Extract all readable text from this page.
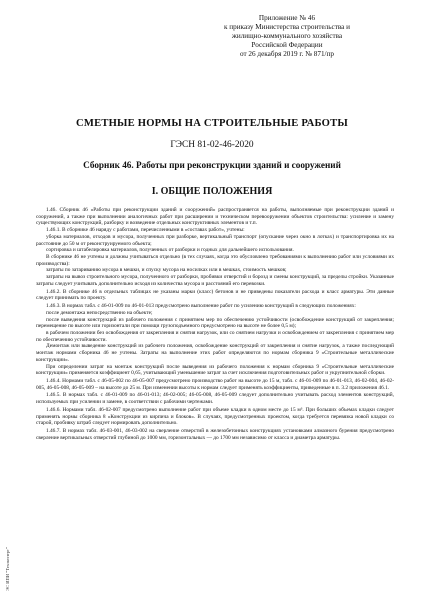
Приложение № 46
к приказу Министерства строительства и
жилищно-коммунального хозяйства
Российской Федерации
от 26 декабря 2019 г. № 871/пр
СМЕТНЫЕ НОРМЫ НА СТРОИТЕЛЬНЫЕ РАБОТЫ
ГЭСН 81-02-46-2020
Сборник 46. Работы при реконструкции зданий и сооружений
I. ОБЩИЕ ПОЛОЖЕНИЯ

1.46. Сборник 46 «Работы при реконструкции зданий и сооружений» распространяется на работы, выполняемые при реконструкции зданий и сооружений, а также при выполнении аналогичных работ при расширении и техническом перевооружении объектов строительства: усиление и замену существующих конструкций, разборку и возведение отдельных конструктивных элементов и т.п.

1.46.1. В сборнике 46 наряду с работами, перечисленными в «составах работ», учтены:

уборка материалов, отходов и мусора, полученных при разборке, вертикальный транспорт (опускание через окно в лотках) и транспортировка их на расстояние до 50 м от реконструируемого объекта;

сортировка и штабелировка материалов, полученных от разборки и годных для дальнейшего использования.

В сборнике 46 не учтены и должны учитываться отдельно (в тех случаях, когда это обусловлено требованиями к выполнению работ или условиями их производства):

затраты по затариванию мусора в мешки, и спуску мусора на носилках или в мешках, стоимость мешков;

затраты на вывоз строительного мусора, полученного от разборки, пробивки отверстий и борозд и смены конструкций, за пределы стройки. Указанные затраты следует учитывать дополнительно исходя из количества мусора и расстояний его перевозки.

1.46.2. В сборнике 46 в отдельных таблицах не указаны марки (класс) бетонов и не приведены показатели расхода и класс арматуры. Эти данные следует принимать по проекту.

1.46.3. В нормах табл. с 46-01-009 по 46-01-013 предусмотрено выполнение работ по усилению конструкций в следующих положениях:

после демонтажа непосредственно на объекте;

после выведения конструкций из рабочего положения с принятием мер по обеспечению устойчивости (освобождение конструкций от закрепления; перемещение по высоте или горизонтали при помощи грузоподъемного предусмотрено на высоте не более 0,5 м);

в рабочем положении без освобождения от закрепления и снятия нагрузок, или со снятием нагрузки и освобождением от закрепления с принятием мер по обеспечению устойчивости.

Демонтаж или выведение конструкций из рабочего положения, освобождение конструкций от закрепления и снятие нагрузок, а также последующий монтаж нормами сборника 46 не учтены. Затраты на выполнение этих работ определяются по нормам сборника 9 «Строительные металлические конструкции».

При определении затрат на монтаж конструкций после выведения из рабочего положения к нормам сборника 9 «Строительные металлические конструкции» применяется коэффициент 0,65, учитывающий уменьшение затрат за счет исключения подготовительных работ и укрупнительной сборки.

1.46.4. Нормами табл. с 46-05-002 по 46-05-007 предусмотрено производство работ на высоте до 15 м, табл. с 46-01-009 по 46-01-013, 46-02-004, 46-02-005, 46-05-008, 46-05-009 – на высоте до 25 м. При изменении высоты к нормам следует применять коэффициенты, приведенные в п. 3.2 приложения 46.1.

1.46.5. В нормах табл. с 46-01-009 по 46-01-013; 46-02-005; 46-05-008, 46-05-009 следует дополнительно учитывать расход элементов конструкций, используемых при усилении и замене, в соответствии с рабочими чертежами.

1.46.6. Нормами табл. 46-02-007 предусмотрено выполнение работ при объеме кладки в одном месте до 15 м³. При больших объемах кладки следует применять нормы сборника 8 «Конструкции из кирпича и блоков». В случаях, предусмотренных проектом, когда требуется перевязка новой кладки со старой, пробивку штраб следует нормировать дополнительно.

1.46.7. В нормах табл. 46-03-001, 46-03-002 на сверление отверстий в железобетонных конструкциях установками алмазного бурения предусмотрено сверление вертикальных отверстий глубиной до 1000 мм, горизонтальных — до 1700 мм независимо от класса и диаметра арматуры.

ЭС ИПИ "Техэксперт"
